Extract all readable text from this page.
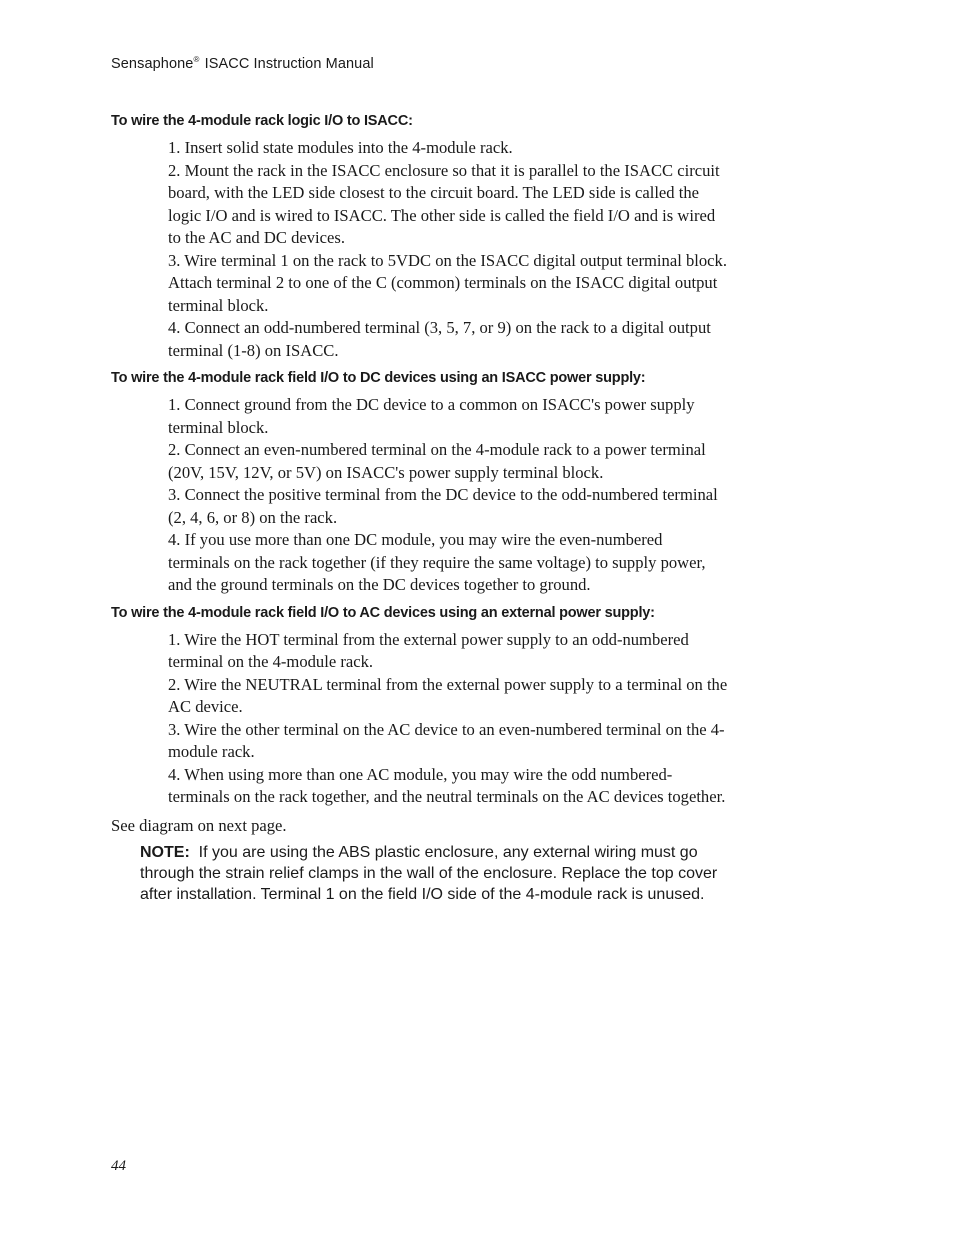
Sensaphone® ISACC Instruction Manual
To wire the 4-module rack logic I/O to ISACC:

1. Insert solid state modules into the 4-module rack.

2. Mount the rack in the ISACC enclosure so that it is parallel to the ISACC circuit board, with the LED side closest to the circuit board. The LED side is called the logic I/O and is wired to ISACC. The other side is called the field I/O and is wired to the AC and DC devices.

3. Wire terminal 1 on the rack to 5VDC on the ISACC digital output terminal block. Attach terminal 2 to one of the C (common) terminals on the ISACC digital output terminal block.

4. Connect an odd-numbered terminal (3, 5, 7, or 9) on the rack to a digital output terminal (1-8) on ISACC.

To wire the 4-module rack field I/O to DC devices using an ISACC power supply:

1. Connect ground from the DC device to a common on ISACC's power supply terminal block.

2. Connect an even-numbered terminal on the 4-module rack to a power terminal (20V, 15V, 12V, or 5V) on ISACC's power supply terminal block.

3. Connect the positive terminal from the DC device to the odd-numbered terminal (2, 4, 6, or 8) on the rack.

4. If you use more than one DC module, you may wire the even-numbered terminals on the rack together (if they require the same voltage) to supply power, and the ground terminals on the DC devices together to ground.

To wire the 4-module rack field I/O to AC devices using an external power supply:

1. Wire the HOT terminal from the external power supply to an odd-numbered terminal on the 4-module rack.

2. Wire the NEUTRAL terminal from the external power supply to a terminal on the AC device.

3. Wire the other terminal on the AC device to an even-numbered terminal on the 4-module rack.

4. When using more than one AC module, you may wire the odd numbered-terminals on the rack together, and the neutral terminals on the AC devices together.

See diagram on next page.

NOTE: If you are using the ABS plastic enclosure, any external wiring must go through the strain relief clamps in the wall of the enclosure. Replace the top cover after installation. Terminal 1 on the field I/O side of the 4-module rack is unused.
44
